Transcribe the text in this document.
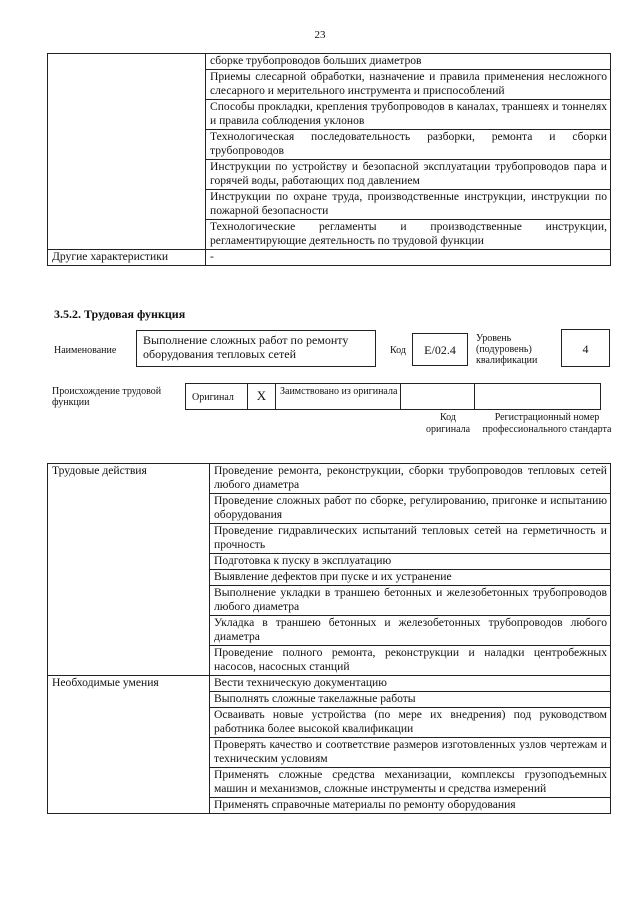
23
	сборке трубопроводов больших диаметров
	Приемы слесарной обработки, назначение и правила применения несложного слесарного и мерительного инструмента и приспособлений
	Способы прокладки, крепления трубопроводов в каналах, траншеях и тоннелях и правила соблюдения уклонов
	Технологическая последовательность разборки, ремонта и сборки трубопроводов
	Инструкции по устройству и безопасной эксплуатации трубопроводов пара и горячей воды, работающих под давлением
	Инструкции по охране труда, производственные инструкции, инструкции по пожарной безопасности
	Технологические регламенты и производственные инструкции, регламентирующие деятельность по трудовой функции
Другие характеристики	-
3.5.2. Трудовая функция
Наименование
Выполнение сложных работ по ремонту оборудования тепловых сетей	Код	E/02.4
Уровень (подуровень) квалификации
4
Происхождение трудовой функции	Оригинал	X	Заимствовано из оригинала
Код оригинала
Регистрационный номер профессионального стандарта
Трудовые действия	Проведение ремонта, реконструкции, сборки трубопроводов тепловых сетей любого диаметра
	Проведение сложных работ по сборке, регулированию, пригонке и испытанию оборудования
	Проведение гидравлических испытаний тепловых сетей на герметичность и прочность
	Подготовка к пуску в эксплуатацию
	Выявление дефектов при пуске и их устранение
	Выполнение укладки в траншею бетонных и железобетонных трубопроводов любого диаметра
	Укладка в траншею бетонных и железобетонных трубопроводов любого диаметра
	Проведение полного ремонта, реконструкции и наладки центробежных насосов, насосных станций
Необходимые умения	Вести техническую документацию
	Выполнять сложные такелажные работы
	Осваивать новые устройства (по мере их внедрения) под руководством работника более высокой квалификации
	Проверять качество и соответствие размеров изготовленных узлов чертежам и техническим условиям
	Применять сложные средства механизации, комплексы грузоподъемных машин и механизмов, сложные инструменты и средства измерений
	Применять справочные материалы по ремонту оборудования
